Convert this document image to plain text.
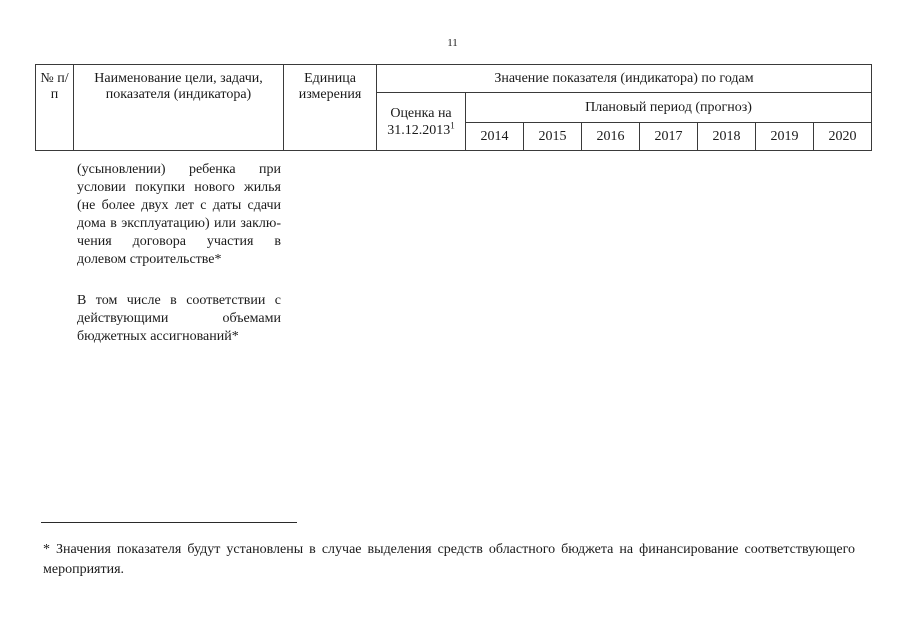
11
№ п/п	Наименование цели, задачи, показателя (индикатора)	Единица измерения	Значение показателя (индикатора) по годам							
			Оценка на 31.12.2013$^1$	Плановый период (прогноз)						
				2014	2015	2016	2017	2018	2019	2020
(усыновлении) ребенка при условии покупки нового жилья (не более двух лет с даты сдачи дома в эксплуатацию) или заклю-чения договора участия в долевом строительстве*
В том числе в соответствии с действующими объемами бюджетных ассигнований*
* Значения показателя будут установлены в случае выделения средств областного бюджета на финансирование соответствующего мероприятия.
